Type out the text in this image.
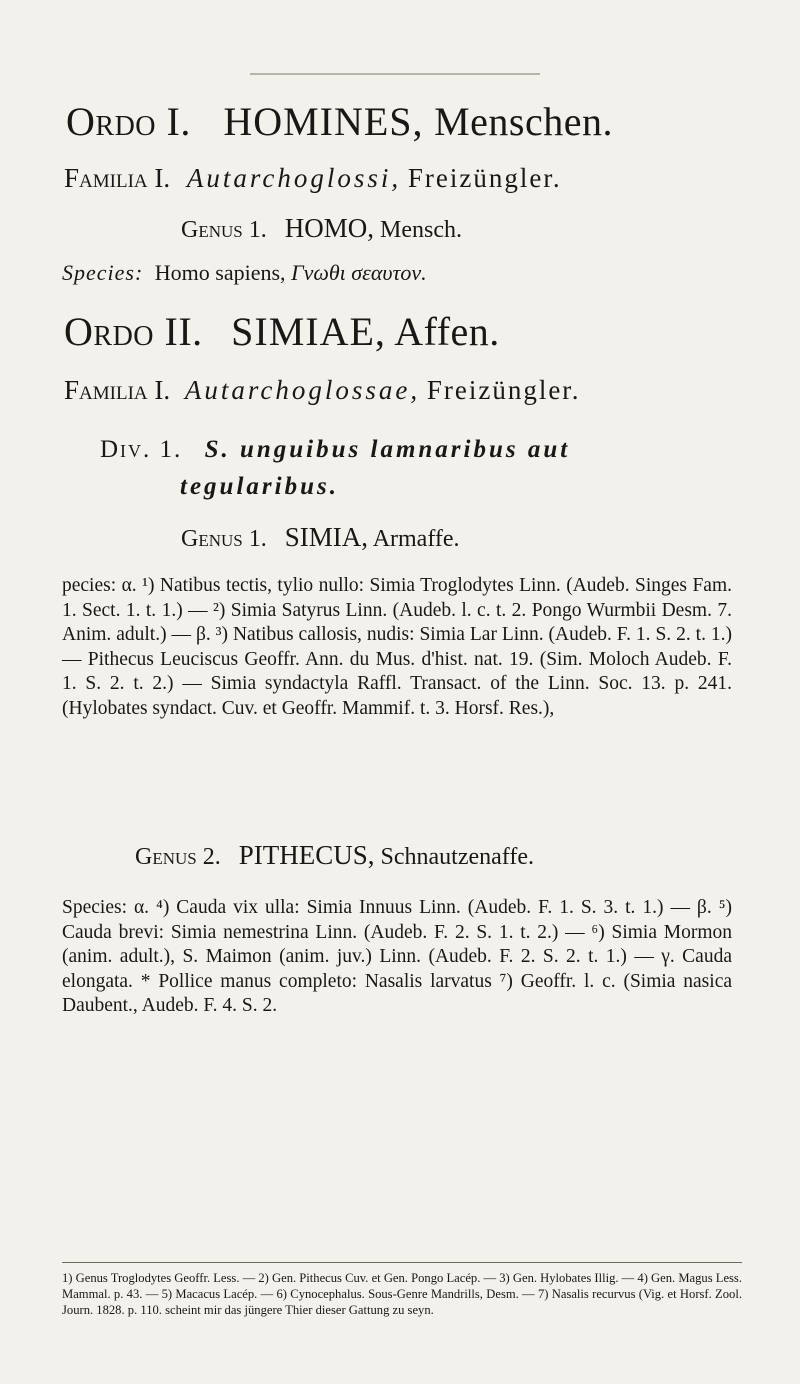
Ordo I. HOMINES, Menschen.
Familia I. Autarchoglossi, Freizüngler.
Genus 1. HOMO, Mensch.
Species: Homo sapiens, Γνωθι σεαυτον.
Ordo II. SIMIAE, Affen.
Familia I. Autarchoglossae, Freizüngler.
Div. 1. S. unguibus lamnaribus aut
tegularibus.
Genus 1. SIMIA, Armaffe.
pecies: α. ¹) Natibus tectis, tylio nullo: Simia Troglodytes Linn. (Audeb. Singes Fam. 1. Sect. 1. t. 1.) — ²) Simia Satyrus Linn. (Audeb. l. c. t. 2. Pongo Wurmbii Desm. 7. Anim. adult.) — β. ³) Natibus callosis, nudis: Simia Lar Linn. (Audeb. F. 1. S. 2. t. 1.) — Pithecus Leuciscus Geoffr. Ann. du Mus. d'hist. nat. 19. (Sim. Moloch Audeb. F. 1. S. 2. t. 2.) — Simia syndactyla Raffl. Transact. of the Linn. Soc. 13. p. 241. (Hylobates syndact. Cuv. et Geoffr. Mammif. t. 3. Horsf. Res.),
Genus 2. PITHECUS, Schnautzenaffe.
Species: α. ⁴) Cauda vix ulla: Simia Innuus Linn. (Audeb. F. 1. S. 3. t. 1.) — β. ⁵) Cauda brevi: Simia nemestrina Linn. (Audeb. F. 2. S. 1. t. 2.) — ⁶) Simia Mormon (anim. adult.), S. Maimon (anim. juv.) Linn. (Audeb. F. 2. S. 2. t. 1.) — γ. Cauda elongata. * Pollice manus completo: Nasalis larvatus ⁷) Geoffr. l. c. (Simia nasica Daubent., Audeb. F. 4. S. 2.
1) Genus Troglodytes Geoffr. Less. — 2) Gen. Pithecus Cuv. et Gen. Pongo Lacép. — 3) Gen. Hylobates Illig. — 4) Gen. Magus Less. Mammal. p. 43. — 5) Macacus Lacép. — 6) Cynocephalus. Sous-Genre Mandrills, Desm. — 7) Nasalis recurvus (Vig. et Horsf. Zool. Journ. 1828. p. 110. scheint mir das jüngere Thier dieser Gattung zu seyn.
